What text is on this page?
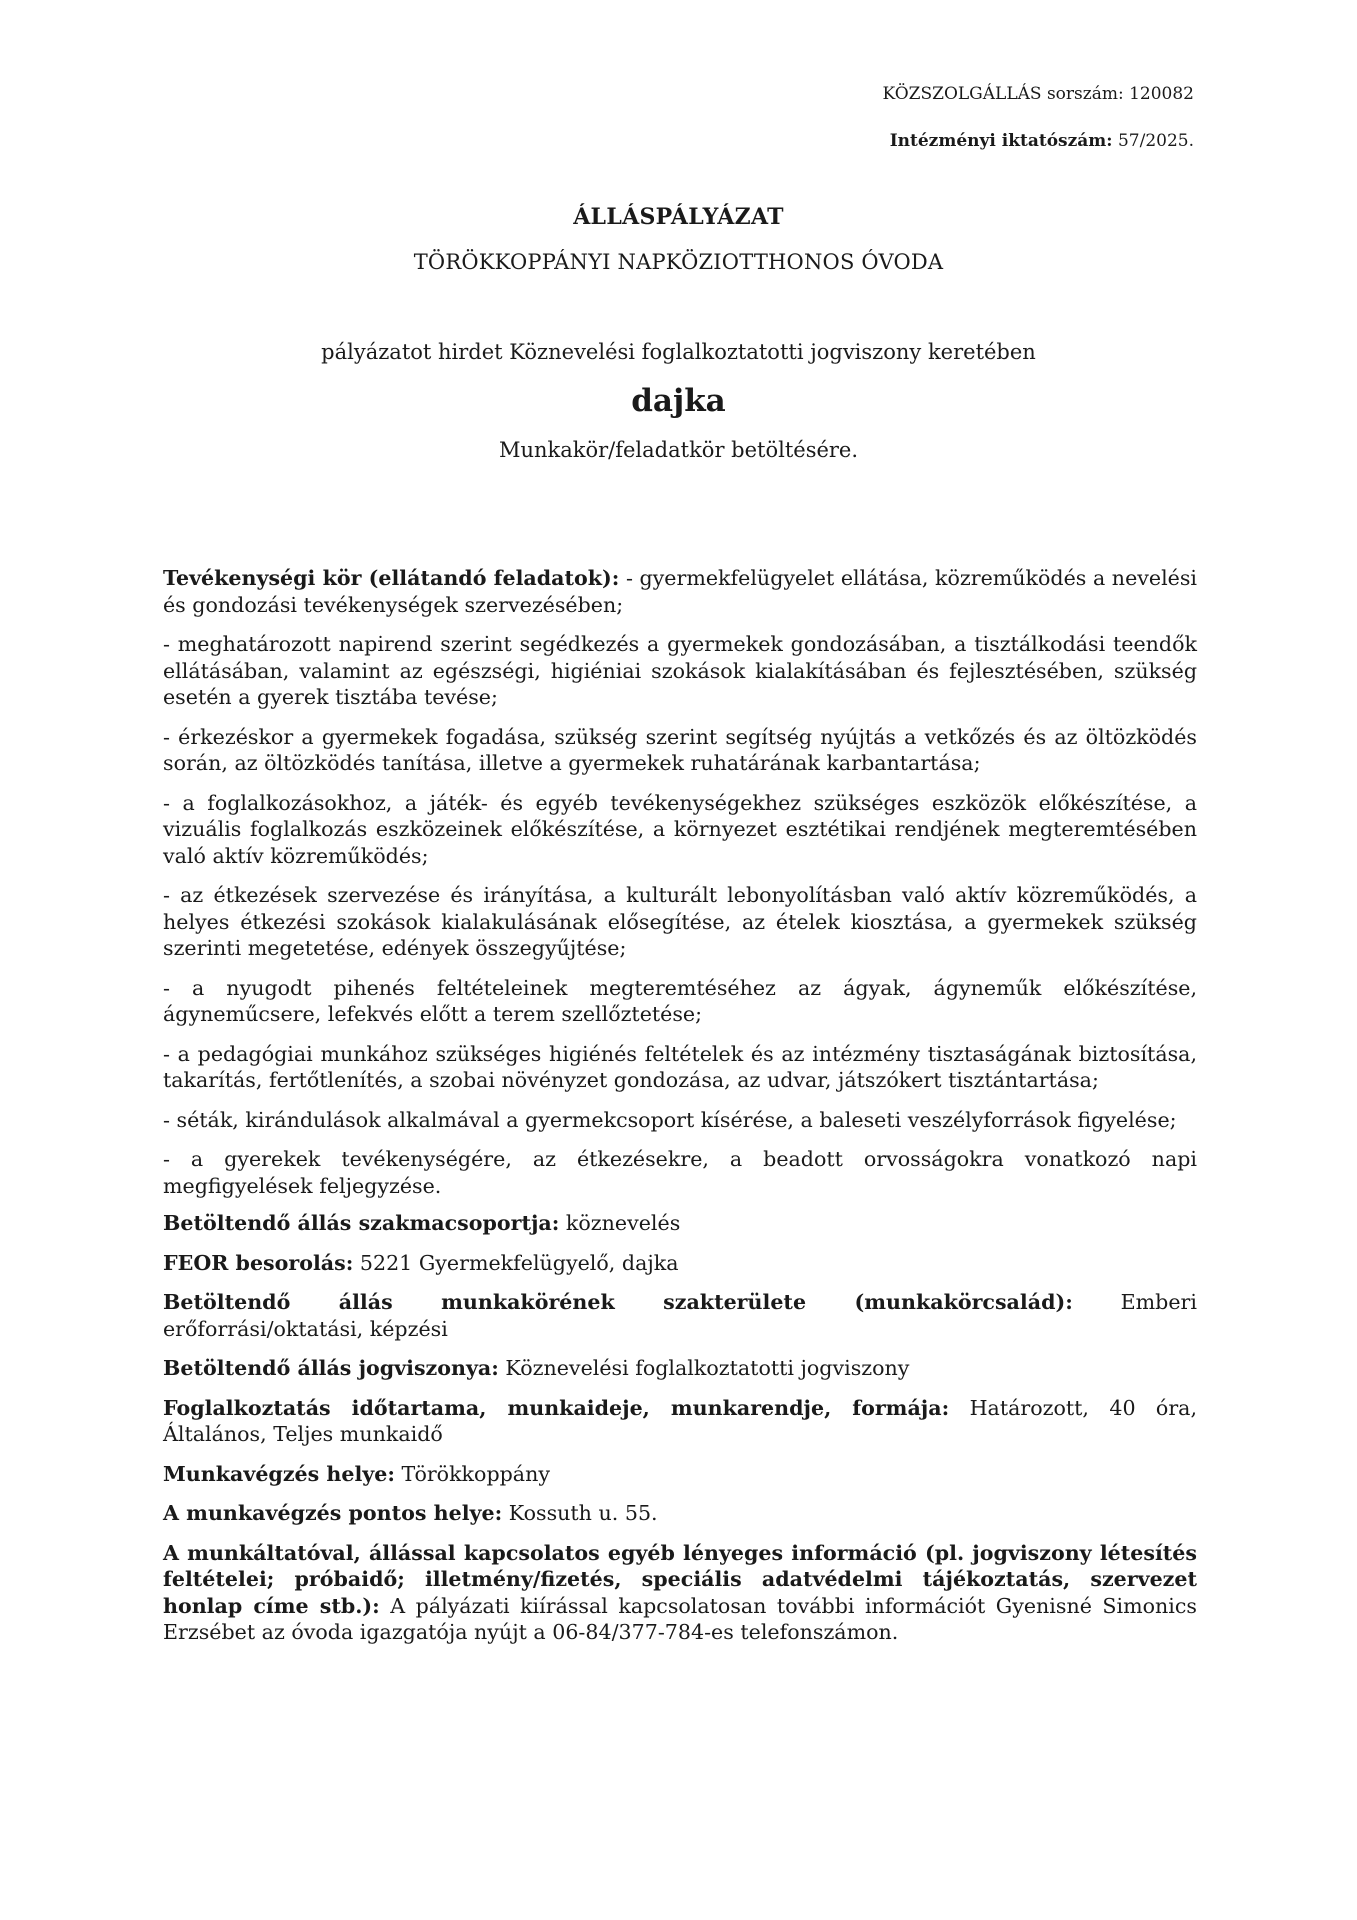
KÖZSZOLGÁLLÁS sorszám: 120082
Intézményi iktatószám: 57/2025.
ÁLLÁSPÁLYÁZAT
TÖRÖKKOPPÁNYI NAPKÖZIOTTHONOS ÓVODA
pályázatot hirdet Köznevelési foglalkoztatotti jogviszony keretében
dajka
Munkakör/feladatkör betöltésére.

Tevékenységi kör (ellátandó feladatok): - gyermekfelügyelet ellátása, közreműködés a nevelési és gondozási tevékenységek szervezésében;

- meghatározott napirend szerint segédkezés a gyermekek gondozásában, a tisztálkodási teendők ellátásában, valamint az egészségi, higiéniai szokások kialakításában és fejlesztésében, szükség esetén a gyerek tisztába tevése;

- érkezéskor a gyermekek fogadása, szükség szerint segítség nyújtás a vetkőzés és az öltözködés során, az öltözködés tanítása, illetve a gyermekek ruhatárának karbantartása;

- a foglalkozásokhoz, a játék- és egyéb tevékenységekhez szükséges eszközök előkészítése, a vizuális foglalkozás eszközeinek előkészítése, a környezet esztétikai rendjének megteremtésében való aktív közreműködés;

- az étkezések szervezése és irányítása, a kulturált lebonyolításban való aktív közreműködés, a helyes étkezési szokások kialakulásának elősegítése, az ételek kiosztása, a gyermekek szükség szerinti megetetése, edények összegyűjtése;

- a nyugodt pihenés feltételeinek megteremtéséhez az ágyak, ágyneműk előkészítése, ágyneműcsere, lefekvés előtt a terem szellőztetése;

- a pedagógiai munkához szükséges higiénés feltételek és az intézmény tisztaságának biztosítása, takarítás, fertőtlenítés, a szobai növényzet gondozása, az udvar, játszókert tisztántartása;

- séták, kirándulások alkalmával a gyermekcsoport kísérése, a baleseti veszélyforrások figyelése;

- a gyerekek tevékenységére, az étkezésekre, a beadott orvosságokra vonatkozó napi megfigyelések feljegyzése.

Betöltendő állás szakmacsoportja: köznevelés

FEOR besorolás: 5221 Gyermekfelügyelő, dajka

Betöltendő állás munkakörének szakterülete (munkakörcsalád): Emberi erőforrási/oktatási, képzési

Betöltendő állás jogviszonya: Köznevelési foglalkoztatotti jogviszony

Foglalkoztatás időtartama, munkaideje, munkarendje, formája: Határozott, 40 óra, Általános, Teljes munkaidő

Munkavégzés helye: Törökkoppány

A munkavégzés pontos helye: Kossuth u. 55.

A munkáltatóval, állással kapcsolatos egyéb lényeges információ (pl. jogviszony létesítés feltételei; próbaidő; illetmény/fizetés, speciális adatvédelmi tájékoztatás, szervezet honlap címe stb.): A pályázati kiírással kapcsolatosan további információt Gyenisné Simonics Erzsébet az óvoda igazgatója nyújt a 06-84/377-784-es telefonszámon.
